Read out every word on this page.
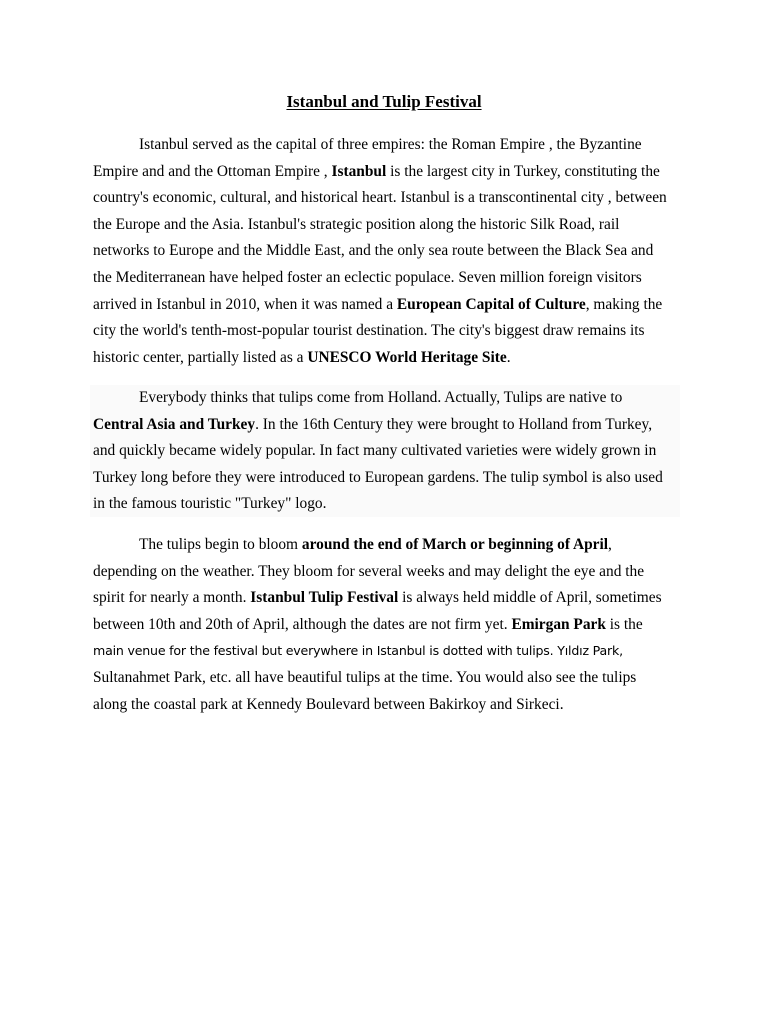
Istanbul and Tulip Festival

Istanbul served as the capital of three empires: the Roman Empire , the Byzantine
Empire and and the Ottoman Empire , Istanbul is the largest city in Turkey, constituting the
country's economic, cultural, and historical heart. Istanbul is a transcontinental city , between
the Europe and the Asia. Istanbul's strategic position along the historic Silk Road, rail
networks to Europe and the Middle East, and the only sea route between the Black Sea and
the Mediterranean have helped foster an eclectic populace. Seven million foreign visitors
arrived in Istanbul in 2010, when it was named a European Capital of Culture, making the
city the world's tenth-most-popular tourist destination. The city's biggest draw remains its
historic center, partially listed as a UNESCO World Heritage Site.

Everybody thinks that tulips come from Holland. Actually, Tulips are native to
Central Asia and Turkey. In the 16th Century they were brought to Holland from Turkey,
and quickly became widely popular. In fact many cultivated varieties were widely grown in
Turkey long before they were introduced to European gardens. The tulip symbol is also used
in the famous touristic "Turkey" logo.

The tulips begin to bloom around the end of March or beginning of April,
depending on the weather. They bloom for several weeks and may delight the eye and the
spirit for nearly a month. Istanbul Tulip Festival is always held middle of April, sometimes
between 10th and 20th of April, although the dates are not firm yet. Emirgan Park is the
main venue for the festival but everywhere in Istanbul is dotted with tulips. Yıldız Park,
Sultanahmet Park, etc. all have beautiful tulips at the time. You would also see the tulips
along the coastal park at Kennedy Boulevard between Bakirkoy and Sirkeci.
